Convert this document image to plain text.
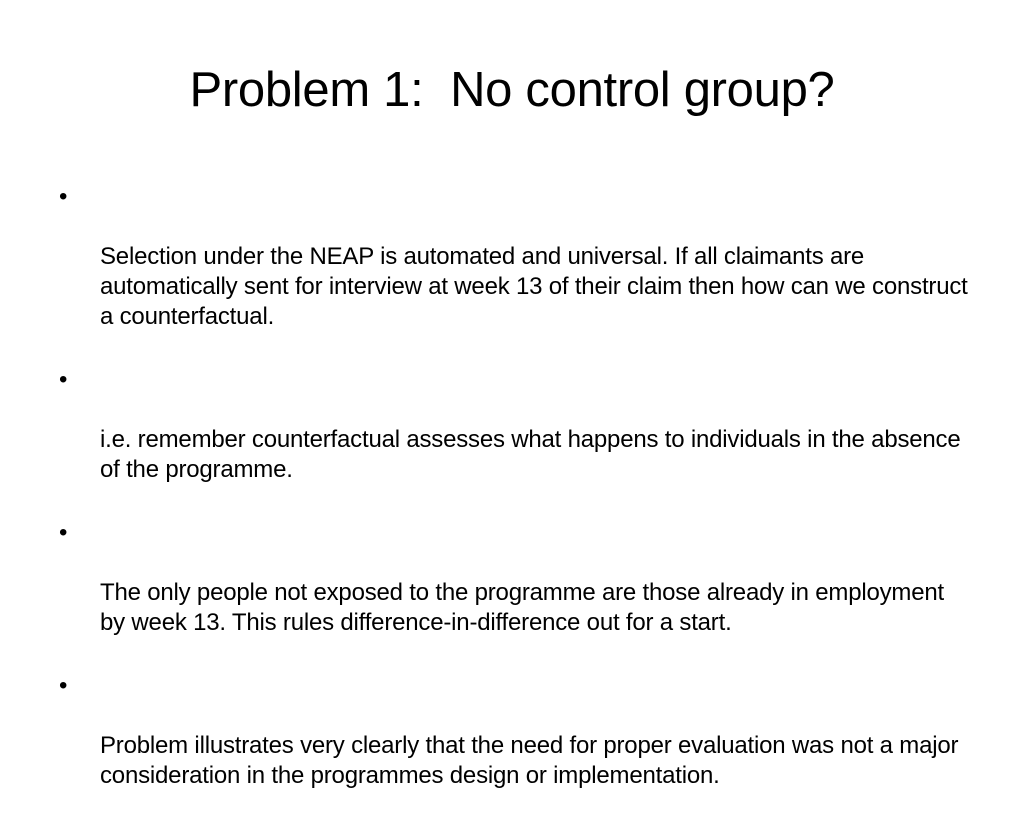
Problem 1:  No control group?

•

Selection under the NEAP is automated and universal. If all claimants are automatically sent for interview at week 13 of their claim then how can we construct a counterfactual.

•

i.e. remember counterfactual assesses what happens to individuals in the absence of the programme.

•

The only people not exposed to the programme are those already in employment by week 13. This rules difference-in-difference out for a start.

•

Problem illustrates very clearly that the need for proper evaluation was not a major consideration in the programmes design or implementation.
